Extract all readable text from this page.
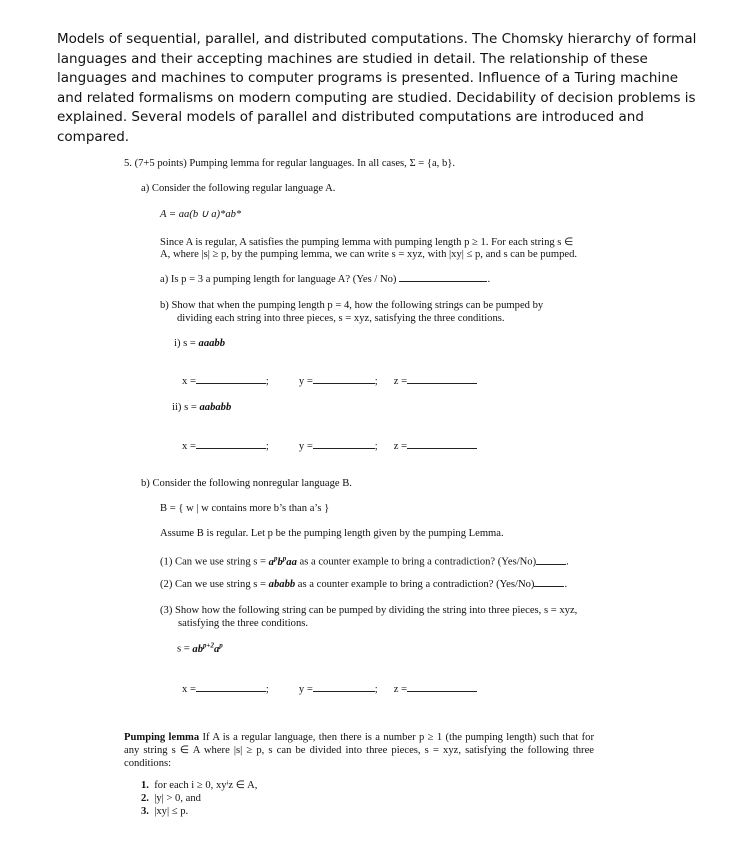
Models of sequential, parallel, and distributed computations. The Chomsky hierarchy of formal languages and their accepting machines are studied in detail. The relationship of these languages and machines to computer programs is presented. Influence of a Turing machine and related formalisms on modern computing are studied. Decidability of decision problems is explained. Several models of parallel and distributed computations are introduced and compared.

5. (7+5 points) Pumping lemma for regular languages. In all cases, Σ = {a, b}.
a) Consider the following regular language A.
A = aa(b ∪ a)*ab*
Since A is regular, A satisfies the pumping lemma with pumping length p ≥ 1. For each string s ∈
A, where |s| ≥ p, by the pumping lemma, we can write s = xyz, with |xy| ≤ p, and s can be pumped.
a) Is p = 3 a pumping length for language A? (Yes / No)	.
b) Show that when the pumping length p = 4, how the following strings can be pumped by
dividing each string into three pieces, s = xyz, satisfying the three conditions.
i) s = aaabb
x =	;	y =	; z =
ii) s = aababb
x =	;	y =	; z =
b) Consider the following nonregular language B.
B = { w | w contains more b’s than a’s }
Assume B is regular. Let p be the pumping length given by the pumping Lemma.
(1) Can we use string $s = a^pb^paa$ as a counter example to bring a contradiction? (Yes/No)	.
(2) Can we use string s = ababb as a counter example to bring a contradiction? (Yes/No)	.
(3) Show how the following string can be pumped by dividing the string into three pieces, s = xyz,
satisfying the three conditions.
$s = ab^{p+2}a^p$
x =	;	y =	; z =
Pumping lemma If A is a regular language, then there is a number p ≥ 1 (the pumping length) such that for any string s ∈ A where |s| ≥ p, s can be divided into three pieces, s = xyz, satisfying the following three conditions:
1. for each i ≥ 0, xyⁱz ∈ A,
2. |y| > 0, and
3. |xy| ≤ p.
